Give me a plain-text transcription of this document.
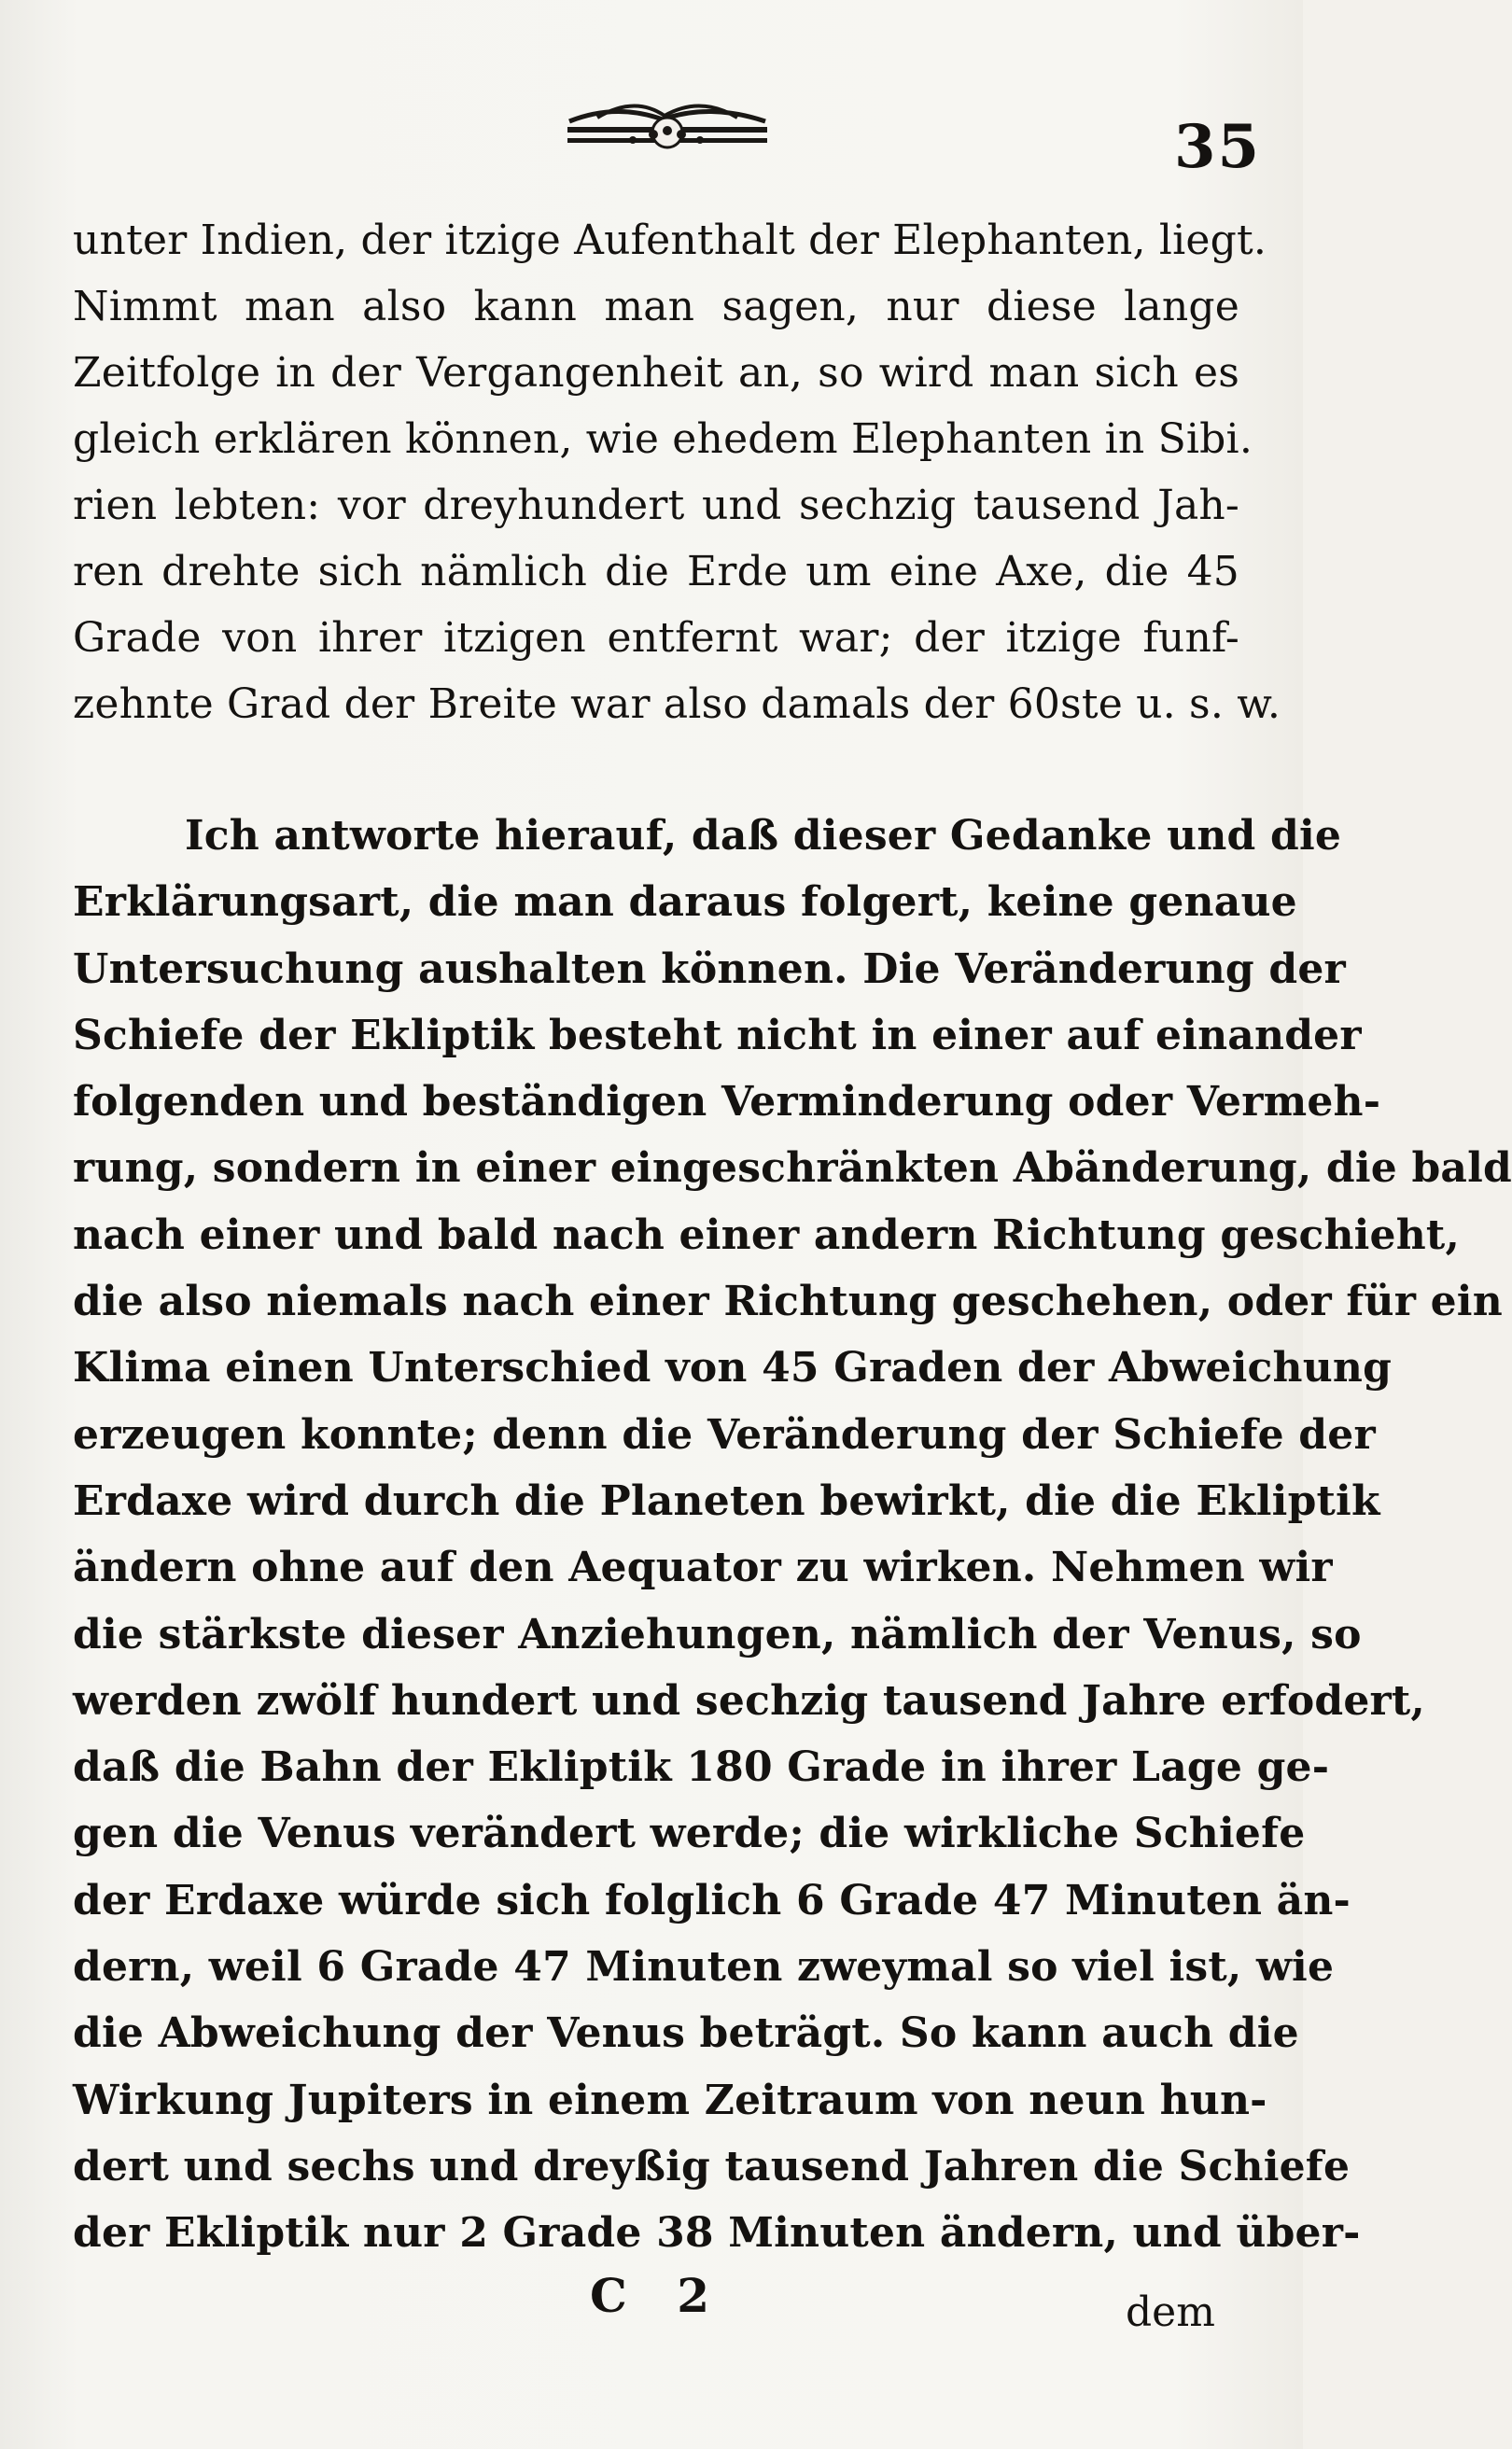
35
unter Indien, der itzige Aufenthalt der Elephanten, liegt.
Nimmt man also kann man sagen, nur diese lange
Zeitfolge in der Vergangenheit an, so wird man sich es
gleich erklären können, wie ehedem Elephanten in Sibi.
rien lebten: vor dreyhundert und sechzig tausend Jah-
ren drehte sich nämlich die Erde um eine Axe, die 45
Grade von ihrer itzigen entfernt war; der itzige funf-
zehnte Grad der Breite war also damals der 60ste u. s. w.
Ich antworte hierauf, daß dieser Gedanke und die
Erklärungsart, die man daraus folgert, keine genaue
Untersuchung aushalten können. Die Veränderung der
Schiefe der Ekliptik besteht nicht in einer auf einander
folgenden und beständigen Verminderung oder Vermeh-
rung, sondern in einer eingeschränkten Abänderung, die bald
nach einer und bald nach einer andern Richtung geschieht,
die also niemals nach einer Richtung geschehen, oder für ein
Klima einen Unterschied von 45 Graden der Abweichung
erzeugen konnte; denn die Veränderung der Schiefe der
Erdaxe wird durch die Planeten bewirkt, die die Ekliptik
ändern ohne auf den Aequator zu wirken. Nehmen wir
die stärkste dieser Anziehungen, nämlich der Venus, so
werden zwölf hundert und sechzig tausend Jahre erfodert,
daß die Bahn der Ekliptik 180 Grade in ihrer Lage ge-
gen die Venus verändert werde; die wirkliche Schiefe
der Erdaxe würde sich folglich 6 Grade 47 Minuten än-
dern, weil 6 Grade 47 Minuten zweymal so viel ist, wie
die Abweichung der Venus beträgt. So kann auch die
Wirkung Jupiters in einem Zeitraum von neun hun-
dert und sechs und dreyßig tausend Jahren die Schiefe
der Ekliptik nur 2 Grade 38 Minuten ändern, und über-
C 2	dem
